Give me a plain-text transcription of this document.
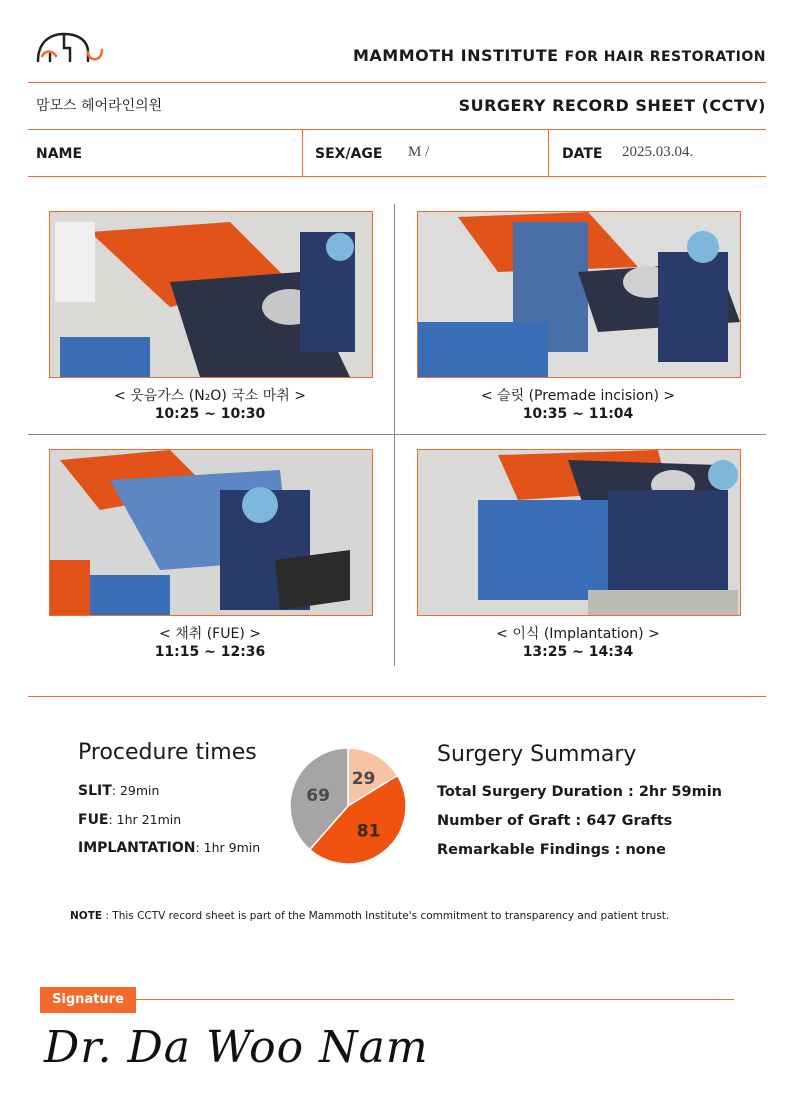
MAMMOTH INSTITUTE FOR HAIR RESTORATION
맘모스 헤어라인의원	SURGERY RECORD SHEET (CCTV)
NAME	SEX/AGE M /	DATE 2025.03.04.
< 웃음가스 (N₂O) 국소 마취 >
10:25 ~ 10:30
< 슬릿 (Premade incision) >
10:35 ~ 11:04
< 채취 (FUE) >
11:15 ~ 12:36
< 이식 (Implantation) >
13:25 ~ 14:34
Procedure times
SLIT: 29min
FUE: 1hr 21min
IMPLANTATION: 1hr 9min
29
81
69
Surgery Summary
Total Surgery Duration : 2hr 59min
Number of Graft : 647 Grafts
Remarkable Findings : none
NOTE : This CCTV record sheet is part of the Mammoth Institute's commitment to transparency and patient trust.
Signature
Dr. Da Woo Nam
